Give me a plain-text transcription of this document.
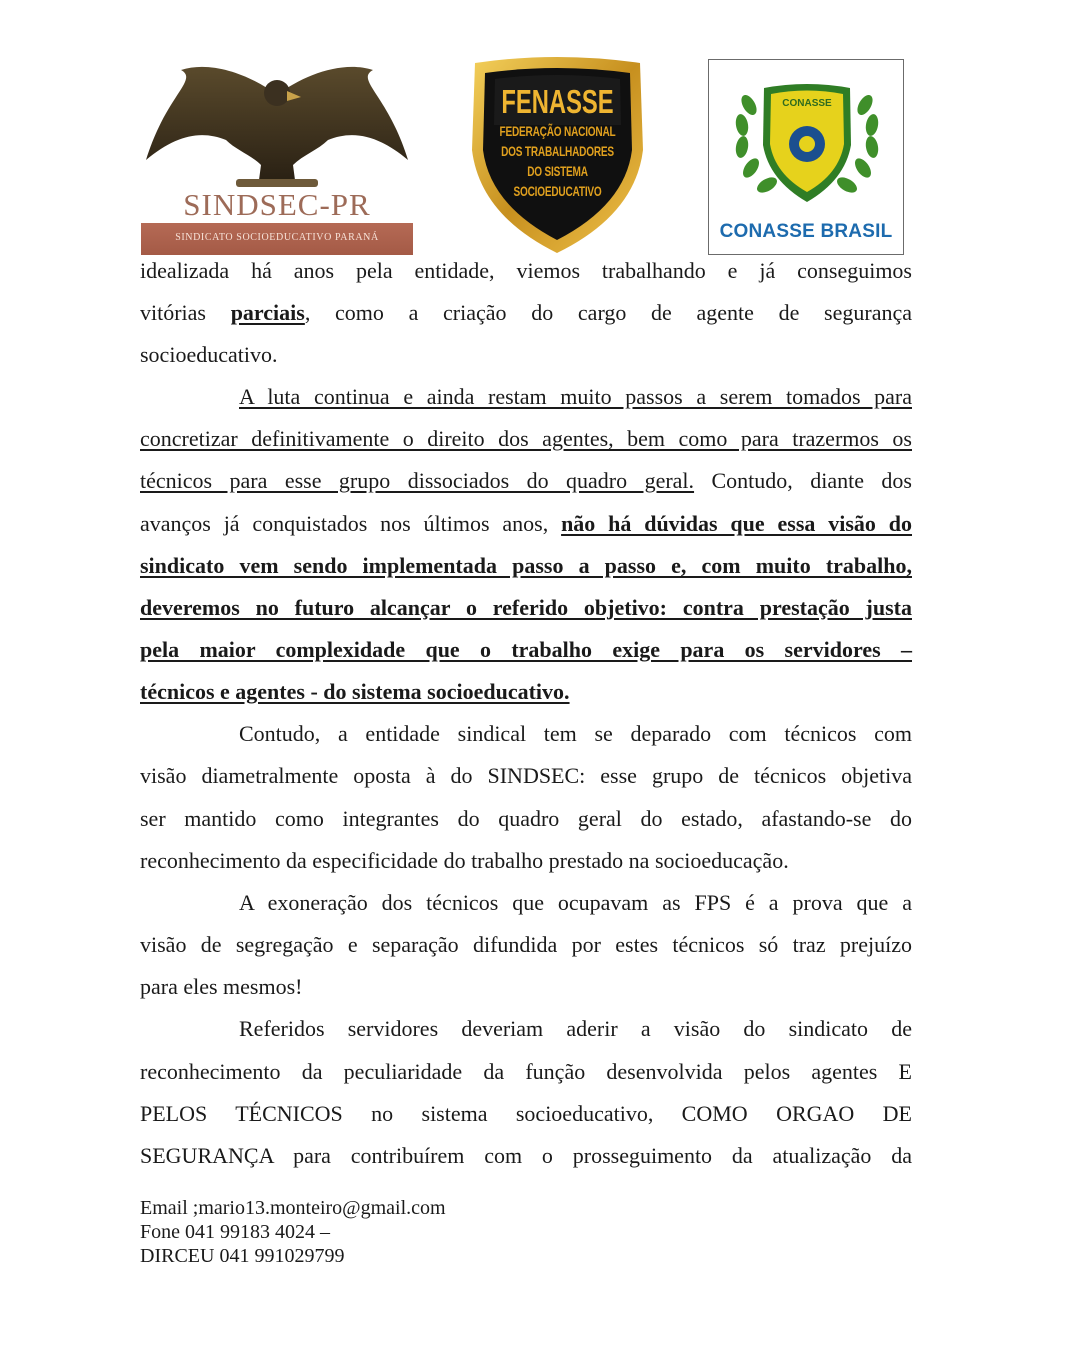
SINDSEC-PR
SINDICATO SOCIOEDUCATIVO PARANÁ
FENASSE
FEDERAÇÃO NACIONAL
DOS TRABALHADORES
DO SISTEMA
SOCIOEDUCATIVO
CONASSE
CONASSE BRASIL
idealizada há anos pela entidade, viemos trabalhando e já conseguimos
vitórias parciais, como a criação do cargo de agente de segurança
socioeducativo.
A luta continua e ainda restam muito passos a serem tomados para
concretizar definitivamente o direito dos agentes, bem como para trazermos os
técnicos para esse grupo dissociados do quadro geral. Contudo, diante dos
avanços já conquistados nos últimos anos, não há dúvidas que essa visão do
sindicato vem sendo implementada passo a passo e, com muito trabalho,
deveremos no futuro alcançar o referido objetivo: contra prestação justa
pela maior complexidade que o trabalho exige para os servidores –
técnicos e agentes - do sistema socioeducativo.
Contudo, a entidade sindical tem se deparado com técnicos com
visão diametralmente oposta à do SINDSEC: esse grupo de técnicos objetiva
ser mantido como integrantes do quadro geral do estado, afastando-se do
reconhecimento da especificidade do trabalho prestado na socioeducação.
A exoneração dos técnicos que ocupavam as FPS é a prova que a
visão de segregação e separação difundida por estes técnicos só traz prejuízo
para eles mesmos!
Referidos servidores deveriam aderir a visão do sindicato de
reconhecimento da peculiaridade da função desenvolvida pelos agentes E
PELOS TÉCNICOS no sistema socioeducativo, COMO ORGAO DE
SEGURANÇA para contribuírem com o prosseguimento da atualização da
Email ;mario13.monteiro@gmail.com
Fone 041 99183 4024 –
DIRCEU 041 991029799
